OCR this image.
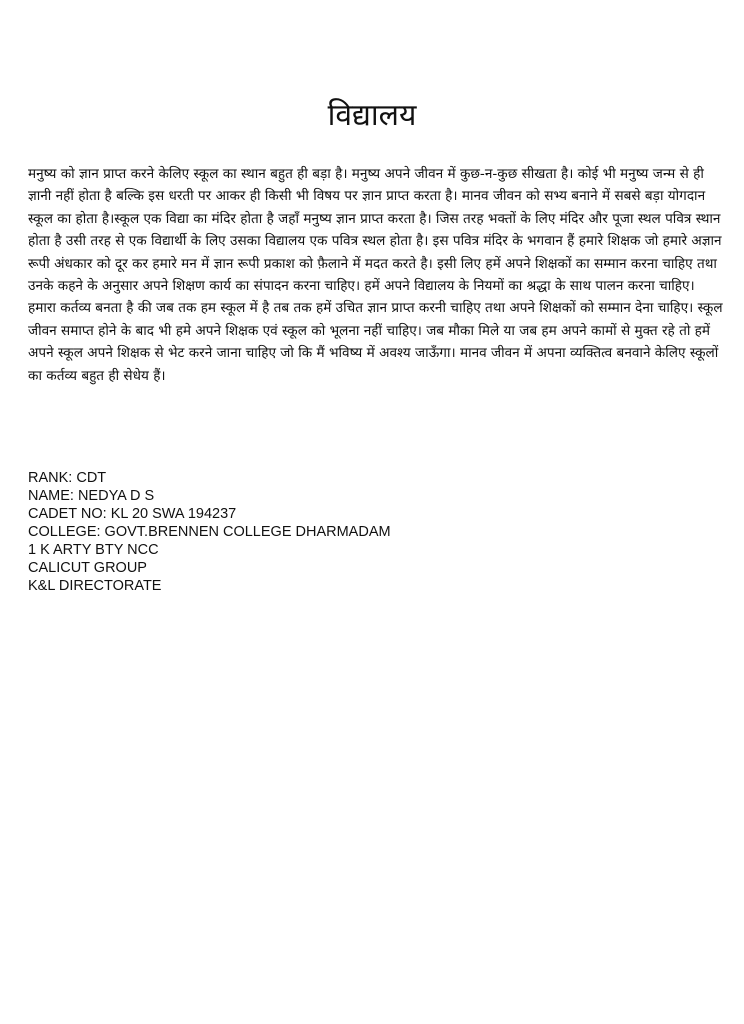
विद्यालय

मनुष्य को ज्ञान प्राप्त करने केलिए स्कूल का स्थान बहुत ही बड़ा है। मनुष्य अपने जीवन में कुछ-न-कुछ सीखता है। कोई भी मनुष्य जन्म से ही ज्ञानी नहीं होता है बल्कि इस धरती पर आकर ही किसी भी विषय पर ज्ञान प्राप्त करता है। मानव जीवन को सभ्य बनाने में सबसे बड़ा योगदान स्कूल का होता है।स्कूल एक विद्या का मंदिर होता है जहाँ मनुष्य ज्ञान प्राप्त करता है। जिस तरह भक्तों के लिए मंदिर और पूजा स्थल पवित्र स्थान होता है उसी तरह से एक विद्यार्थी के लिए उसका विद्यालय एक पवित्र स्थल होता है। इस पवित्र मंदिर के भगवान हैं हमारे शिक्षक जो हमारे अज्ञान रूपी अंधकार को दूर कर हमारे मन में ज्ञान रूपी प्रकाश को फ़ैलाने में मदत करते है। इसी लिए हमें अपने शिक्षकों का सम्मान करना चाहिए तथा उनके कहने के अनुसार अपने शिक्षण कार्य का संपादन करना चाहिए। हमें अपने विद्यालय के नियमों का श्रद्धा के साथ पालन करना चाहिए। हमारा कर्तव्य बनता है की जब तक हम स्कूल में है तब तक हमें उचित ज्ञान प्राप्त करनी चाहिए तथा अपने शिक्षकों को सम्मान देना चाहिए। स्कूल जीवन समाप्त होने के बाद भी हमे अपने शिक्षक एवं स्कूल को भूलना नहीं चाहिए। जब मौका मिले या जब हम अपने कामों से मुक्त रहे तो हमें अपने स्कूल अपने शिक्षक से भेट करने जाना चाहिए जो कि मैं भविष्य में अवश्य जाऊँगा। मानव जीवन में अपना व्यक्तित्व बनवाने केलिए स्कूलों का कर्तव्य बहुत ही सेधेय हैं।

RANK: CDT

NAME: NEDYA D S

CADET NO: KL 20 SWA 194237

COLLEGE: GOVT.BRENNEN COLLEGE DHARMADAM

1 K ARTY BTY NCC

CALICUT GROUP

K&L DIRECTORATE
